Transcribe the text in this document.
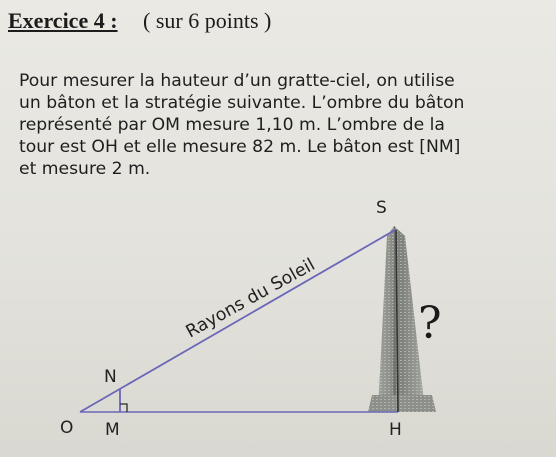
Exercice 4 : ( sur 6 points )
Pour mesurer la hauteur d’un gratte-ciel, on utilise
un bâton et la stratégie suivante. L’ombre du bâton
représenté par OM mesure 1,10 m. L’ombre de la
tour est OH et elle mesure 82 m. Le bâton est [NM]
et mesure 2 m.
S
N
O M	H
Rayons du Soleil ?
